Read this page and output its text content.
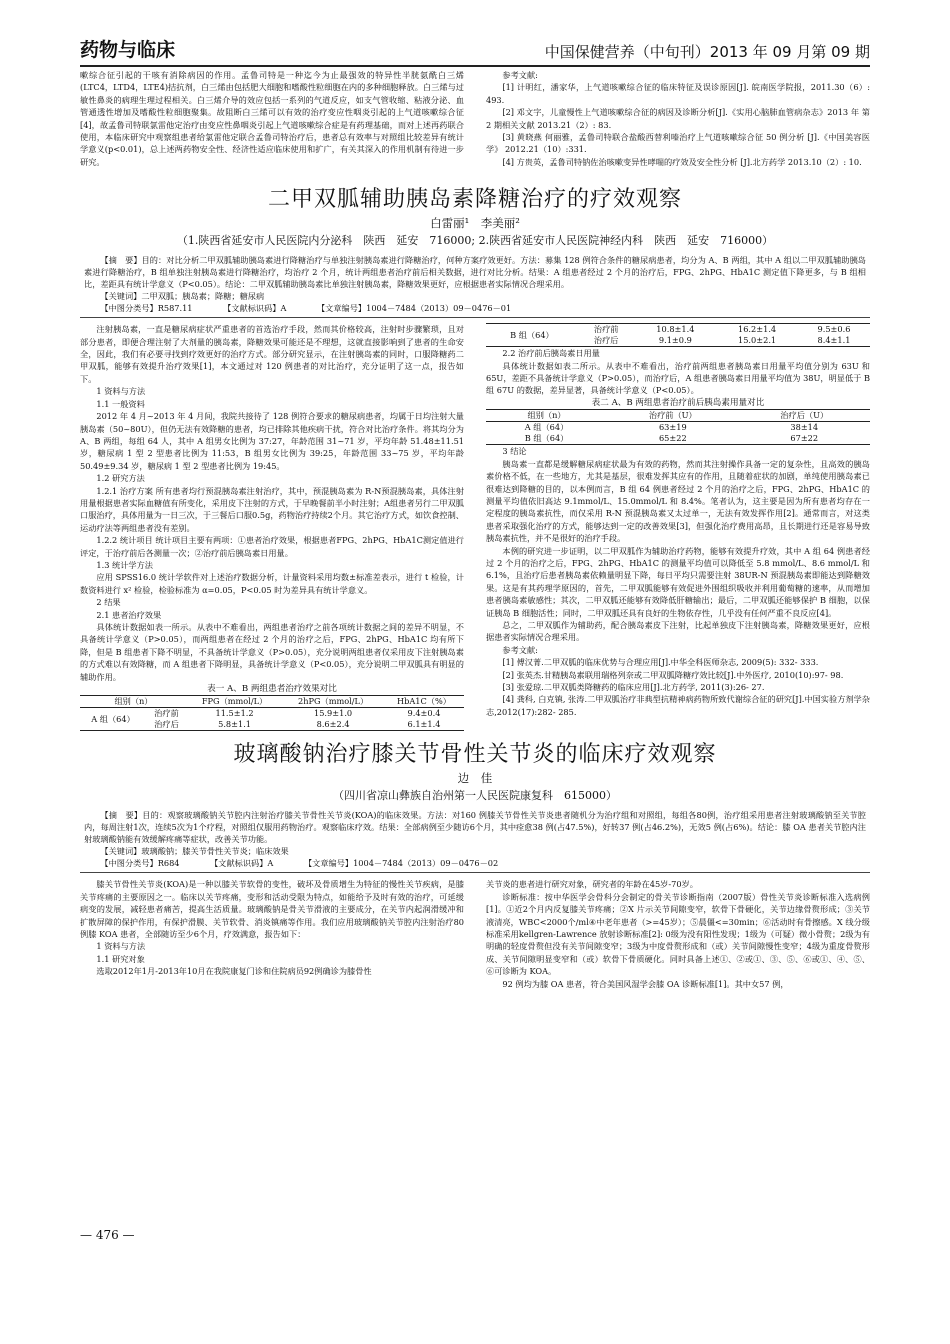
药物与临床	中国保健营养（中旬刊）2013 年 09 月第 09 期

嗽综合征引起的干咳有消除病因的作用。孟鲁司特是一种迄今为止最强效的特异性半胱氨酰白三烯(LTC4，LTD4，LTE4)拮抗剂，白三烯由包括肥大细胞和嗜酸性粒细胞在内的多种细胞释放。白三烯与过敏性鼻炎的病理生理过程相关。白三烯介导的效应包括一系列的气道反应，如支气管收缩、粘液分泌、血管通透性增加及嗜酸性粒细胞聚集。故阻断白三烯可以有效的治疗变应性咽炎引起的上气道咳嗽综合征 [4]，故孟鲁司特联氯雷他定治疗由变应性鼻咽炎引起上气道咳嗽综合症是有药理基础，而对上述再药联合使用，本临床研究中观察组患者给氯雷他定联合孟鲁司特治疗后，患者总有效率与对照组比较差异有统计学意义(p<0.01)，总上述两药物安全性、经济性适应临床使用和扩广，有关其深入的作用机制有待进一步研究。

参考文献:

[1] 计明红，潘家华，上气道咳嗽综合征的临床特征及误诊原因[J]. 皖南医学院报，2011.30（6）: 493.

[2] 邓文字，儿童慢性上气道咳嗽综合征的病因及诊断分析[J].《实用心脑肺血管病杂志》2013 年 第 2 期相关文献 2013.21（2）: 83.

[3] 黄晓燕 何丽雅，孟鲁司特联合盐酸西替利嗪治疗上气道咳嗽综合征 50 例分析 [J].《中国美容医学》 2012.21（10）:331.

[4] 方贵英，孟鲁司特钠佐治咳嗽变异性哮喘的疗效及安全性分析 [J].北方药学 2013.10（2）: 10.

二甲双胍辅助胰岛素降糖治疗的疗效观察

白雷丽¹　李美丽²

（1.陕西省延安市人民医院内分泌科　陕西　延安　716000; 2.陕西省延安市人民医院神经内科　陕西　延安　716000）

【摘　要】目的：对比分析二甲双胍辅助胰岛素进行降糖治疗与单独注射胰岛素进行降糖治疗，何种方案疗效更好。方法：募集 128 例符合条件的糖尿病患者，均分为 A、B 两组，其中 A 组以二甲双胍辅助胰岛素进行降糖治疗，B 组单独注射胰岛素进行降糖治疗，均治疗 2 个月，统计两组患者治疗前后相关数据，进行对比分析。结果：A 组患者经过 2 个月的治疗后，FPG、2hPG、HbA1C 测定值下降更多，与 B 组相比，差距具有统计学意义（P<0.05）。结论：二甲双胍辅助胰岛素比单独注射胰岛素，降糖效果更好，应根据患者实际情况合理采用。

【关键词】二甲双胍；胰岛素；降糖；糖尿病
【中图分类号】R587.11	【文献标识码】A	【文章编号】1004－7484（2013）09－0476－01

注射胰岛素，一直是糖尿病症状严重患者的首选治疗手段，然而其价格较高，注射时步骤繁琐，且对部分患者，即便合理注射了大剂量的胰岛素，降糖效果可能还是不理想，这就直接影响到了患者的生命安全，因此，我们有必要寻找到疗效更好的治疗方式。部分研究显示，在注射胰岛素的同时，口服降糖药二甲双胍，能够有效提升治疗效果[1]，本文通过对 120 例患者的对比治疗，充分证明了这一点，报告如下。

1 资料与方法

1.1 一般资料

2012 年 4 月~2013 年 4 月间，我院共接待了 128 例符合要求的糖尿病患者，均属于日均注射大量胰岛素（50~80U），但仍无法有效降糖的患者，均已排除其他疾病干扰，符合对比治疗条件。将其均分为 A、B 两组，每组 64 人，其中 A 组男女比例为 37:27，年龄范围 31~71 岁，平均年龄 51.48±11.51 岁，糖尿病 1 型 2 型患者比例为 11:53，B 组男女比例为 39:25，年龄范围 33~75 岁，平均年龄 50.49±9.34 岁，糖尿病 1 型 2 型患者比例为 19:45。

1.2 研究方法

1.2.1 治疗方案 所有患者均行预混胰岛素注射治疗，其中，预混胰岛素为 R-N预混胰岛素，具体注射用量根据患者实际血糖值有所变化，采用皮下注射的方式，于早晚餐前半小时注射；A组患者另行二甲双胍口服治疗，具体用量为一日三次，于三餐后口服0.5g，药物治疗持续2个月。其它治疗方式，如饮食控制、运动疗法等两组患者没有差别。

1.2.2 统计项目 统计项目主要有两项：①患者治疗效果，根据患者FPG、2hPG、HbA1C测定值进行评定，于治疗前后各测量一次；②治疗前后胰岛素日用量。

1.3 统计学方法

应用 SPSS16.0 统计学软件对上述治疗数据分析，计量资料采用均数±标准差表示，进行 t 检验，计数资料进行 x² 检验，检验标准为 α=0.05，P<0.05 时为差异具有统计学意义。

2 结果

2.1 患者治疗效果

具体统计数据如表一所示。从表中不难看出，两组患者治疗之前各项统计数据之间的差异不明显，不具备统计学意义（P>0.05），而两组患者在经过 2 个月的治疗之后，FPG、2hPG、HbA1C 均有所下降，但是 B 组患者下降不明显，不具备统计学意义（P>0.05），充分说明两组患者仅采用皮下注射胰岛素的方式难以有效降糖，而 A 组患者下降明显，具备统计学意义（P<0.05），充分说明二甲双胍具有明显的辅助作用。

表一 A、B 两组患者治疗效果对比

组别（n）		FPG（mmol/L）	2hPG（mmol/L）	HbA1C（%）
A 组（64）	治疗前	11.5±1.2	15.9±1.0	9.4±0.4
	治疗后	5.8±1.1	8.6±2.4	6.1±1.4
B 组（64）	治疗前	10.8±1.4	16.2±1.4	9.5±0.6
	治疗后	9.1±0.9	15.0±2.1	8.4±1.1

2.2 治疗前后胰岛素日用量

具体统计数据如表二所示。从表中不难看出，治疗前两组患者胰岛素日用量平均值分别为 63U 和 65U，差距不具备统计学意义（P>0.05），而治疗后，A 组患者胰岛素日用量平均值为 38U，明显低于 B 组 67U 的数据，差异显著，具备统计学意义（P<0.05）。

表二 A、B 两组患者治疗前后胰岛素用量对比

组别（n）	治疗前（U）	治疗后（U）
A 组（64）	63±19	38±14
B 组（64）	65±22	67±22

3 结论

胰岛素一直都是缓解糖尿病症状最为有效的药物，然而其注射操作具备一定的复杂性，且高效的胰岛素价格不低，在一些地方，尤其是基层，很难发挥其应有的作用，且随着症状的加剧，单纯使用胰岛素已很难达到降糖的目的，以本例而言，B 组 64 例患者经过 2 个月的治疗之后，FPG、2hPG、HbA1C 的测量平均值依旧高达 9.1mmol/L、15.0mmol/L 和 8.4%。笔者认为，这主要是因为所有患者均存在一定程度的胰岛素抗性，而仅采用 R-N 预混胰岛素又太过单一，无法有效发挥作用[2]。通常而言，对这类患者采取强化治疗的方式，能够达到一定的改善效果[3]，但强化治疗费用高昂，且长期进行还是容易导致胰岛素抗性，并不是很好的治疗手段。

本例的研究进一步证明，以二甲双胍作为辅助治疗药物，能够有效提升疗效，其中 A 组 64 例患者经过 2 个月的治疗之后，FPG、2hPG、HbA1C 的测量平均值可以降低至 5.8 mmol/L、8.6 mmol/L 和 6.1%，且治疗后患者胰岛素依赖量明显下降，每日平均只需要注射 38UR-N 预混胰岛素即能达到降糖效果。这是有其药理学原因的，首先，二甲双胍能够有效促进外围组织吸收并利用葡萄糖的速率，从而增加患者胰岛素敏感性；其次，二甲双胍还能够有效降低肝糖输出；最后，二甲双胍还能够保护 B 细胞，以保证胰岛 B 细胞活性；同时，二甲双胍还具有良好的生物依存性，几乎没有任何严重不良反应[4]。

总之，二甲双胍作为辅助药，配合胰岛素皮下注射，比起单独皮下注射胰岛素，降糖效果更好，应根据患者实际情况合理采用。

参考文献:

[1] 傅汉菁.二甲双胍的临床优势与合理应用[J].中华全科医师杂志, 2009(5): 332- 333.

[2] 张英杰.甘精胰岛素联用瑞格列奈或二甲双胍降糖疗效比较[J].中外医疗, 2010(10):97- 98.

[3] 张爱琼.二甲双胍类降糖药的临床应用[J].北方药学, 2011(3):26- 27.

[4] 龚科, 白克镇, 张涛.二甲双胍治疗非典型抗精神病药物所致代谢综合征的研究[J].中国实验方剂学杂志,2012(17):282- 285.

玻璃酸钠治疗膝关节骨性关节炎的临床疗效观察

边　佳

（四川省凉山彝族自治州第一人民医院康复科　615000）

【摘　要】目的：观察玻璃酸钠关节腔内注射治疗膝关节骨性关节炎(KOA)的临床效果。方法：对160 例膝关节骨性关节炎患者随机分为治疗组和对照组，每组各80例，治疗组采用患者注射玻璃酸钠至关节腔内，每周注射1次，连续5次为1个疗程，对照组仅服用药物治疗。观察临床疗效。结果：全部病例至少随访6个月，其中痊愈38 例(占47.5%)，好转37 例(占46.2%)，无效5 例(占6%)。结论：膝 OA 患者关节腔内注射玻璃酸钠能有效缓解疼痛等症状，改善关节功能。

【关键词】玻璃酸钠；膝关节骨性关节炎；临床效果
【中图分类号】R684	【文献标识码】A	【文章编号】1004－7484（2013）09－0476－02

膝关节骨性关节炎(KOA)是一种以膝关节软骨的变性，破坏及骨质增生为特征的慢性关节疾病，是膝关节疼痛的主要原因之一。临床以关节疼痛，变形和活动受限为特点，如能给予及时有效的治疗，可延缓病变的发展，减轻患者痛苦，提高生活质量。玻璃酸钠是骨关节滑液的主要成分，在关节内起润滑缓冲和扩散屏障的保护作用，有保护滑膜、关节软骨、消炎镇痛等作用。我们应用玻璃酸钠关节腔内注射治疗80 例膝 KOA 患者，全部随访至少6个月，疗效满意，报告如下：

1 资料与方法

1.1 研究对象

选取2012年1月-2013年10月在我院康复门诊和住院病员92例确诊为膝骨性

关节炎的患者进行研究对象，研究者的年龄在45岁-70岁。

诊断标准：按中华医学会骨科分会制定的骨关节诊断指南（2007版）骨性关节炎诊断标准入选病例[1]。①近2个月内反复膝关节疼痛；②X 片示关节间隙变窄，软骨下骨硬化，关节边缘骨赘形成；③关节液清亮，WBC<2000个/ml④中老年患者（>=45岁）；⑤晨僵<=30min；⑥活动时有骨擦感。X 线分级标准采用kellgren-Lawrence 放射诊断标准[2]: 0级为没有阳性发现；1级为（可疑）微小骨赘；2级为有明确的轻度骨赘但没有关节间隙变窄；3级为中度骨赘形成和（或）关节间隙慢性变窄；4级为重度骨赘形成、关节间隙明显变窄和（或）软骨下骨质硬化。同时具备上述①、②或①、③、⑤、⑥或①、④、⑤、⑥可诊断为 KOA。

92 例均为膝 OA 患者，符合美国风湿学会膝 OA 诊断标准[1]。其中女57 例，

— 476 —
